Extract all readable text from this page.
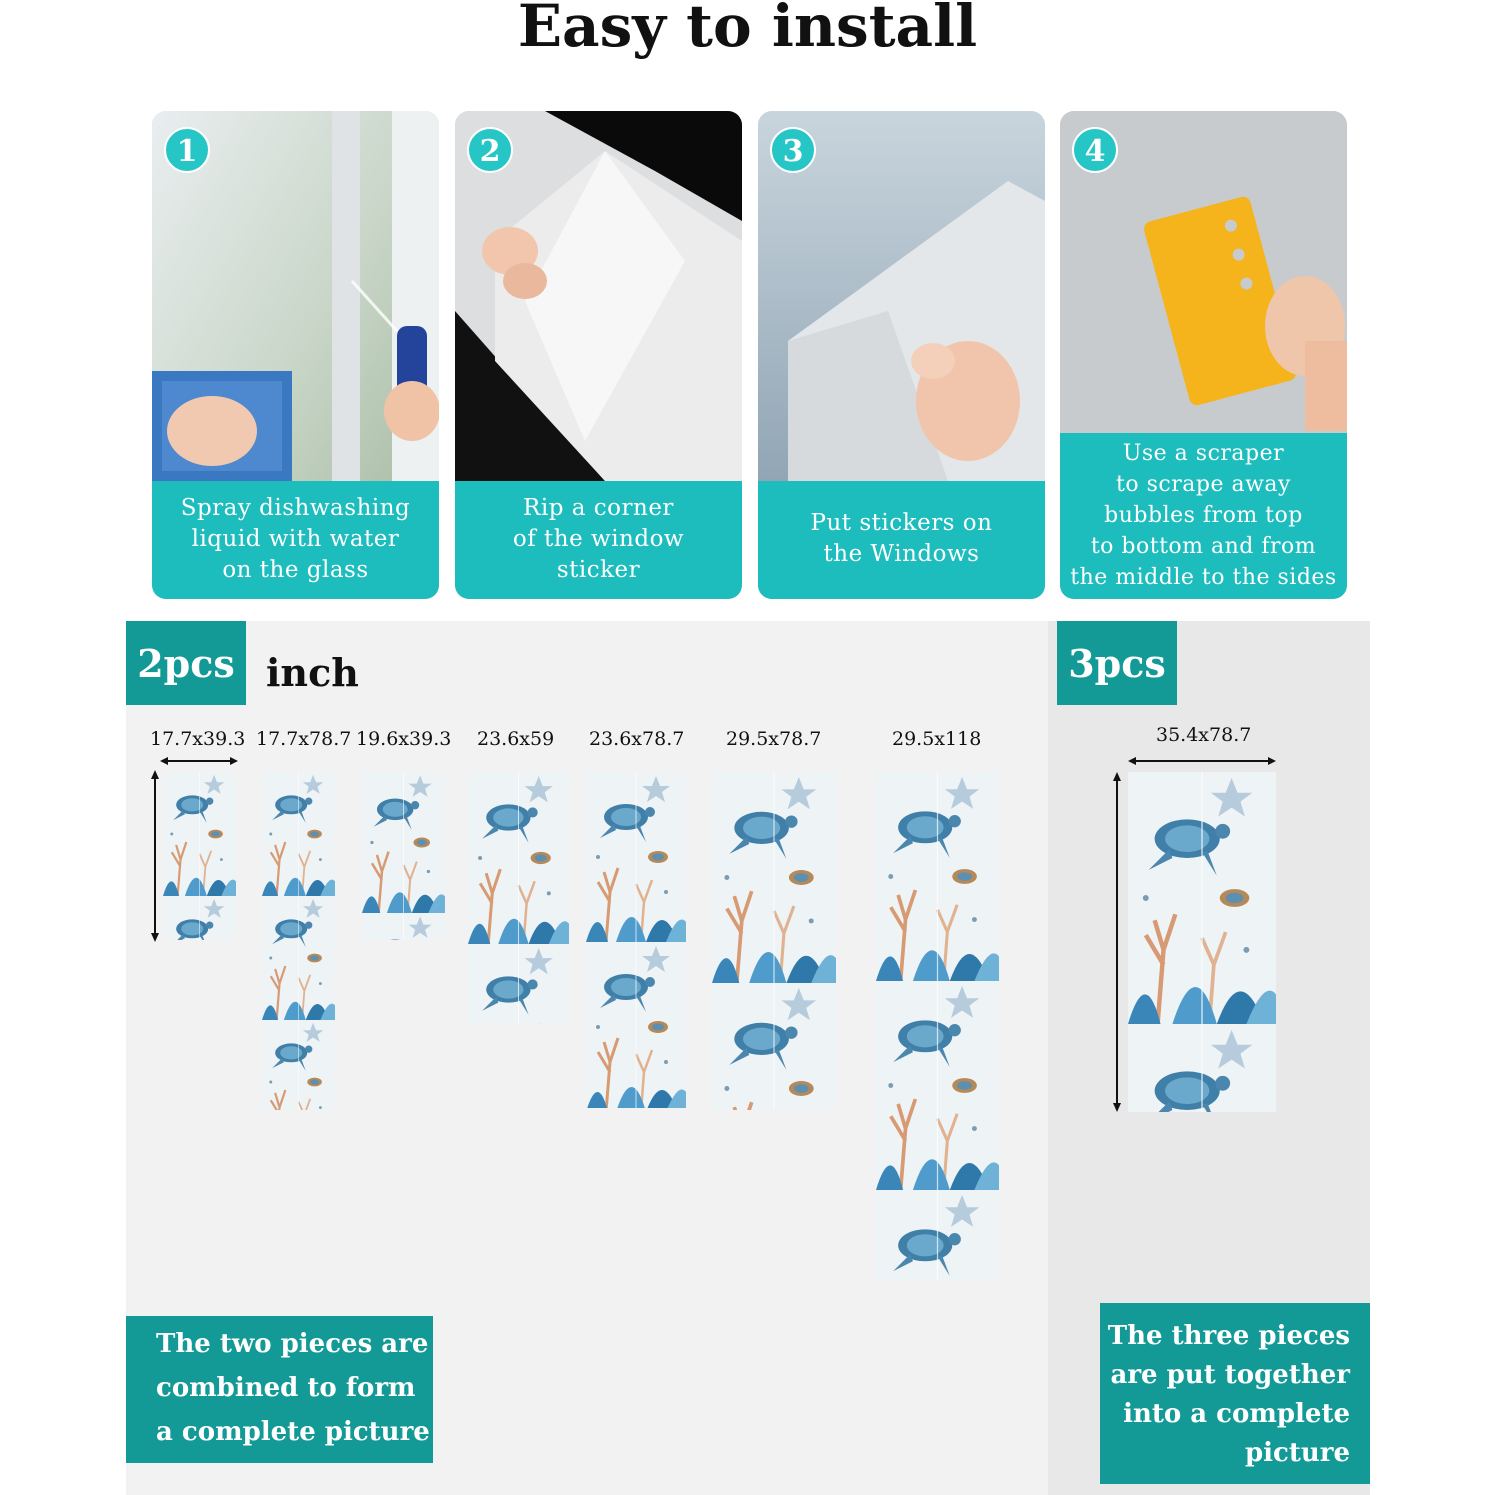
Easy to install
1
Spray dishwashing
liquid with water
on the glass
2
Rip a corner
of the window
sticker
3
Put stickers on
the Windows
4
Use a scraper
to scrape away
bubbles from top
to bottom and from
the middle to the sides
2pcs inch	3pcs
17.7x39.3 17.7x78.7 19.6x39.3 23.6x59 23.6x78.7 29.5x78.7	29.5x118	35.4x78.7
The two pieces are
combined to form
a complete picture
The three pieces
are put together
into a complete
picture
